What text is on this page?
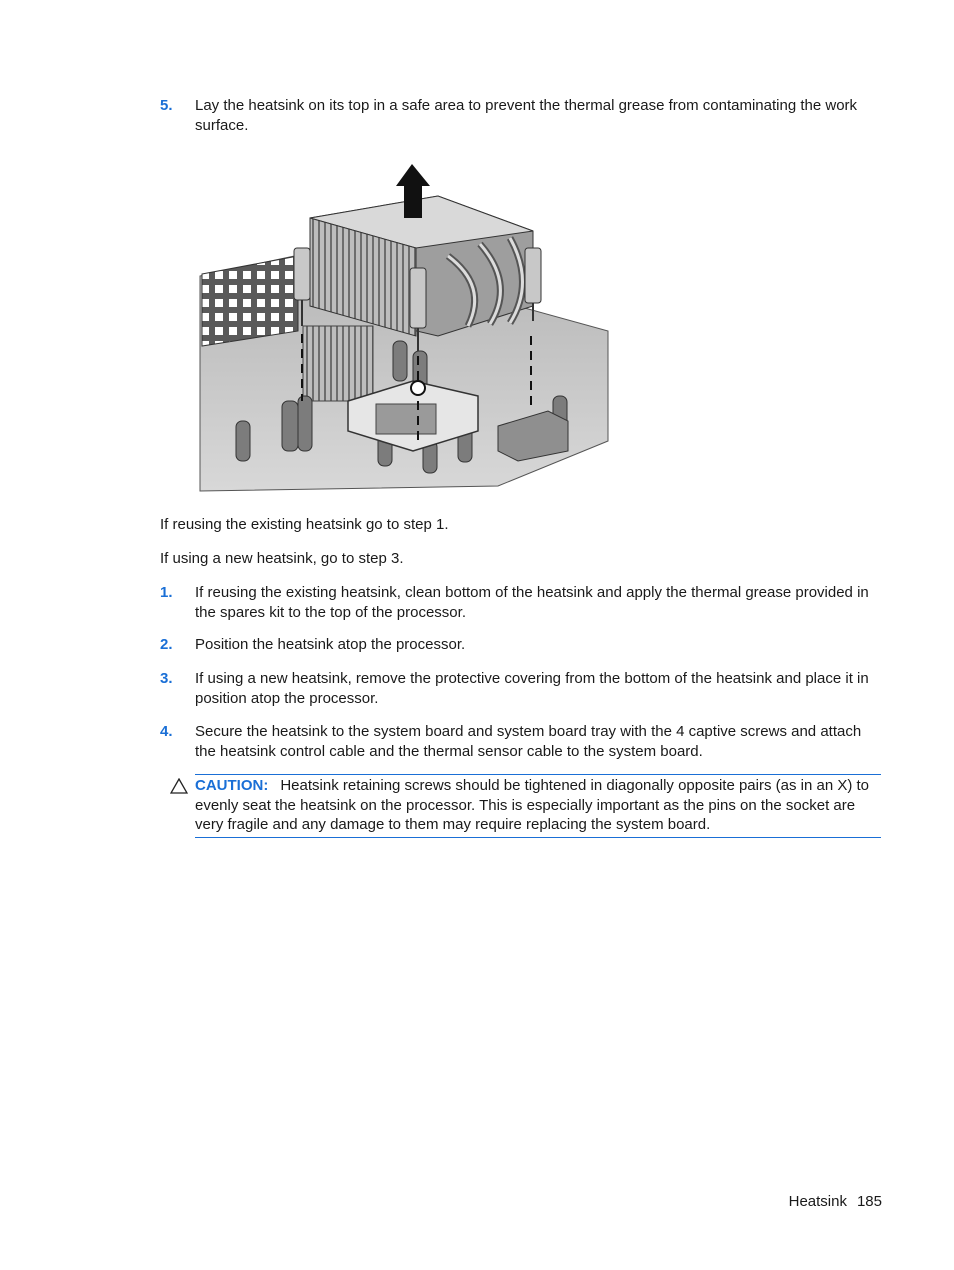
5.	Lay the heatsink on its top in a safe area to prevent the thermal grease from contaminating the work surface.
If reusing the existing heatsink go to step 1.
If using a new heatsink, go to step 3.
1.	If reusing the existing heatsink, clean bottom of the heatsink and apply the thermal grease provided in the spares kit to the top of the processor.
2.	Position the heatsink atop the processor.
3.	If using a new heatsink, remove the protective covering from the bottom of the heatsink and place it in position atop the processor.
4.	Secure the heatsink to the system board and system board tray with the 4 captive screws and attach the heatsink control cable and the thermal sensor cable to the system board.
CAUTION: Heatsink retaining screws should be tightened in diagonally opposite pairs (as in an X) to evenly seat the heatsink on the processor. This is especially important as the pins on the socket are very fragile and any damage to them may require replacing the system board.
Heatsink 185
